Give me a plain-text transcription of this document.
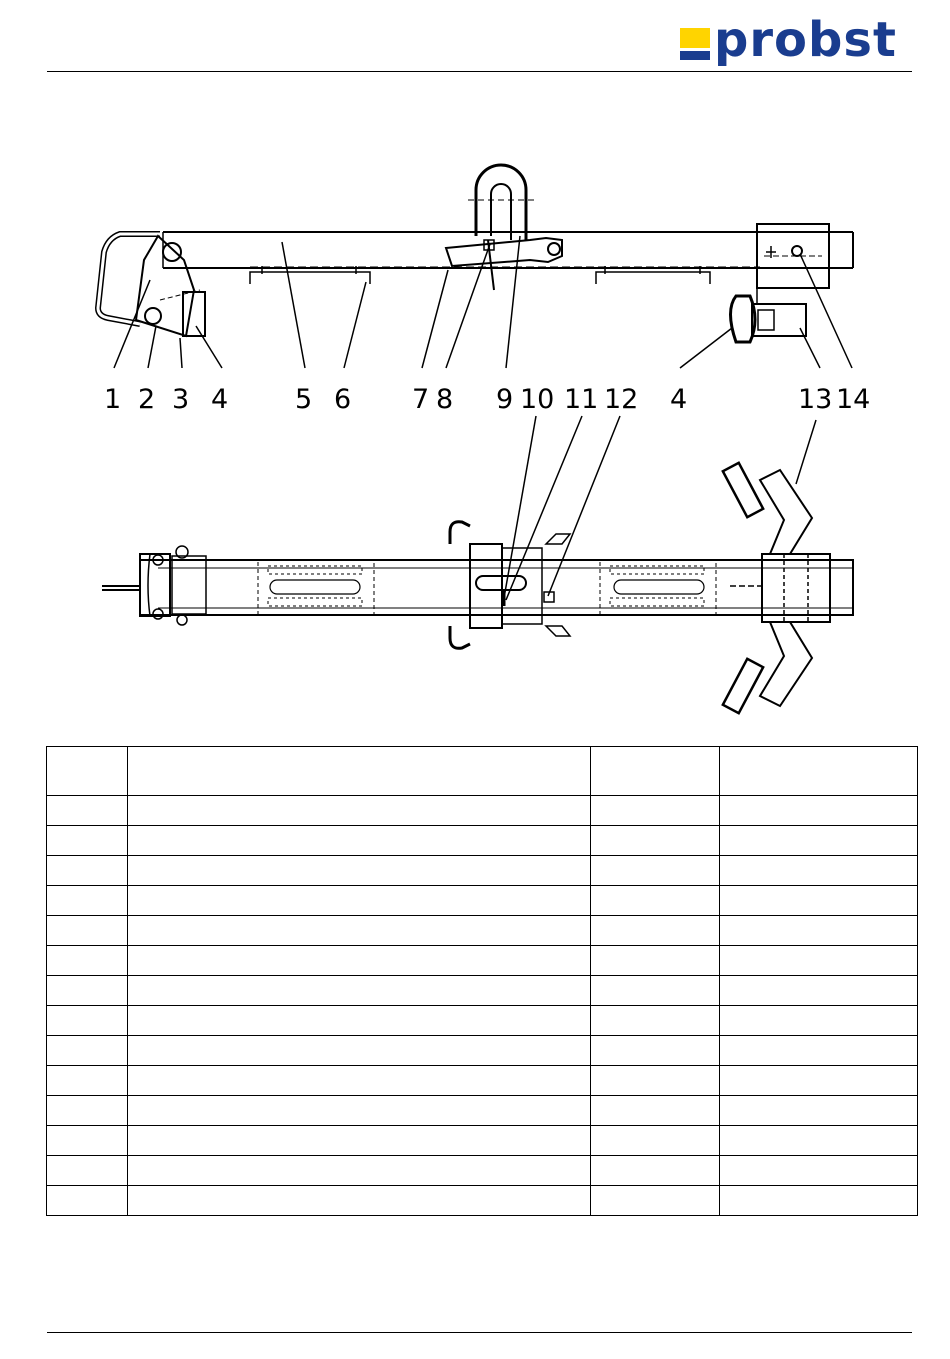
probst
1 2 3 4 5 6 7 8 9 10 11 12 4	13 14
